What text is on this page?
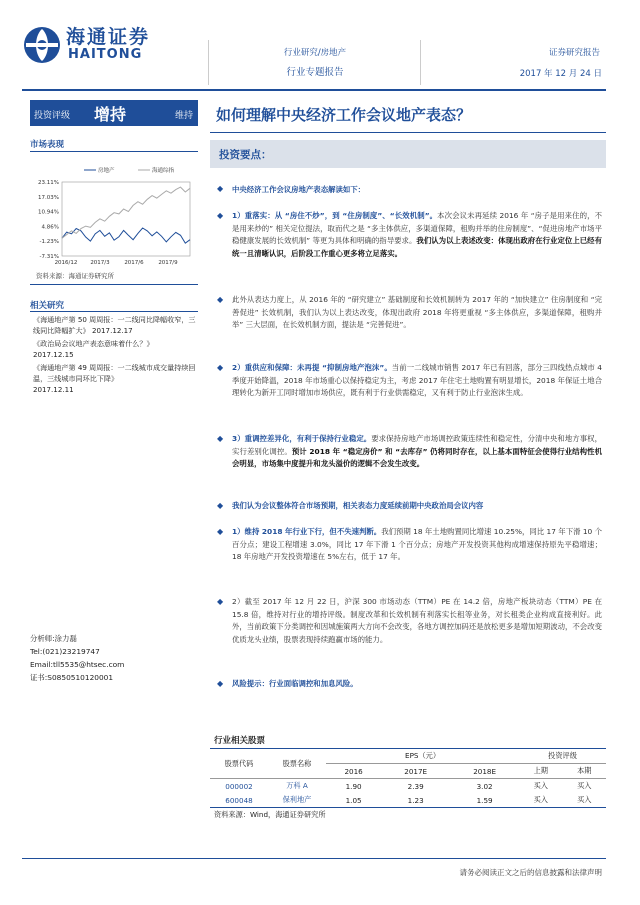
海通证券
HAITONG	行业研究/房地产
行业专题报告
证券研究报告
2017 年 12 月 24 日
投资评级 增持	维持 如何理解中央经济工作会议地产表态？
市场表现
23.11%
17.03%
10.94%
4.86%
-1.23%
-7.31%
2016/12 2017/3	2017/6	2017/9
房地产	海通综指
资料来源：海通证券研究所
相关研究
《海通地产第 50 周周报：一二线同比降幅收窄，三线同比降幅扩大》 2017.12.17
《政治局会议地产表态意味着什么？》
2017.12.15
《海通地产第 49 周周报：一二线城市成交量持续回温，三线城市同环比下降》
2017.12.11
分析师:涂力磊
Tel:(021)23219747
Email:tll5535@htsec.com
证书:S0850510120001
投资要点：
◆	中央经济工作会议房地产表态解读如下：
◆	1）重落实：从 “房住不炒”，到 “住房制度”、“长效机制”。本次会议未再延续 2016 年 “房子是用来住的，不是用来炒的” 相关定位提法，取而代之是 “多主体供应，多渠道保障，租购并举的住房制度”、“促进房地产市场平稳健康发展的长效机制” 等更为具体和明确的指导要求。我们认为以上表述改变：体现出政府在行业定位上已经有统一且清晰认识，后阶段工作重心更多将立足落实。
◆	此外从表达力度上，从 2016 年的 “研究建立” 基础制度和长效机制转为 2017 年的 “加快建立” 住房制度和 “完善促进” 长效机制，我们认为以上表达改变，体现出政府 2018 年将更重视 “多主体供应，多渠道保障，租购并举” 三大层面，在长效机制方面，提法是 “完善促进”。
◆	2）重供应和保障：未再提 “抑制房地产泡沫”。当前一二线城市销售 2017 年已有回落，部分三四线热点城市 4 季度开始降温，2018 年市场重心以保持稳定为主，考虑 2017 年住宅土地购置有明显增长，2018 年保证土地合理转化为新开工同时增加市场供应，既有利于行业供需稳定，又有利于防止行业泡沫生成。
◆	3）重调控差异化，有利于保持行业稳定。要求保持房地产市场调控政策连续性和稳定性，分清中央和地方事权，实行差别化调控。预计 2018 年 “稳定房价” 和 “去库存” 仍将同时存在，以上基本面特征会使得行业结构性机会明显，市场集中度提升和龙头溢价的逻辑不会发生改变。
◆	我们认为会议整体符合市场预期，相关表态力度延续前期中央政治局会议内容
◆	1）维持 2018 年行业下行，但不失速判断。我们预期 18 年土地购置同比增速 10.25%，同比 17 年下滑 10 个百分点；建设工程增速 3.0%，同比 17 年下滑 1 个百分点；房地产开发投资其他构成增速保持原先平稳增速；18 年房地产开发投资增速在 5%左右，低于 17 年。
◆	2）截至 2017 年 12 月 22 日，沪深 300 市场动态（TTM）PE 在 14.2 倍，房地产板块动态（TTM）PE 在 15.8 倍，维持对行业的增持评级。制度改革和长效机制有利落实长租等业务，对长租类企业构成直接利好。此外，当前政策下分类调控和因城施策两大方向不会改变，各地方调控加码还是放松更多是增加短期波动，不会改变优质龙头业绩，股票表现持续跑赢市场的能力。
◆	风险提示：行业面临调控和加息风险。
行业相关股票
股票代码	股票名称	EPS（元）			投资评级	
		2016	2017E	2018E	上期	本期
000002	万科 A	1.90	2.39	3.02	买入	买入
600048	保利地产	1.05	1.23	1.59	买入	买入
资料来源：Wind，海通证券研究所
请务必阅读正文之后的信息披露和法律声明
